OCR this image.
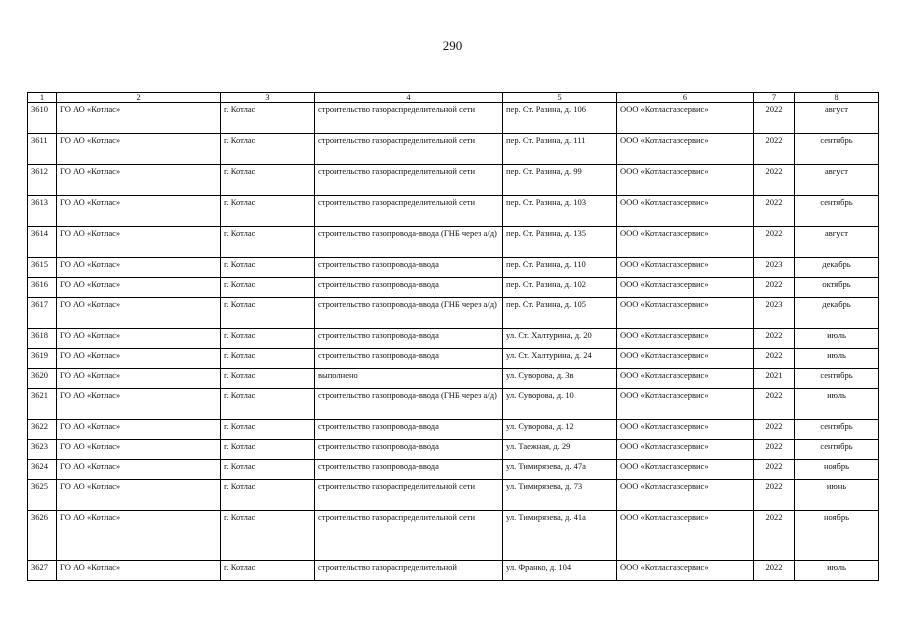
290
1	2	3	4	5	6	7	8
3610	ГО АО «Котлас»	г. Котлас	строительство газораспределительной сети	пер. Ст. Разина, д. 106	ООО «Котласгазсервис»	2022	август
3611	ГО АО «Котлас»	г. Котлас	строительство газораспределительной сети	пер. Ст. Разина, д. 111	ООО «Котласгазсервис»	2022	сентябрь
3612	ГО АО «Котлас»	г. Котлас	строительство газораспределительной сети	пер. Ст. Разина, д. 99	ООО «Котласгазсервис»	2022	август
3613	ГО АО «Котлас»	г. Котлас	строительство газораспределительной сети	пер. Ст. Разина, д. 103	ООО «Котласгазсервис»	2022	сентябрь
3614	ГО АО «Котлас»	г. Котлас	строительство газопровода-ввода (ГНБ через а/д)	пер. Ст. Разина, д. 135	ООО «Котласгазсервис»	2022	август
3615	ГО АО «Котлас»	г. Котлас	строительство газопровода-ввода	пер. Ст. Разина, д. 110	ООО «Котласгазсервис»	2023	декабрь
3616	ГО АО «Котлас»	г. Котлас	строительство газопровода-ввода	пер. Ст. Разина, д. 102	ООО «Котласгазсервис»	2022	октябрь
3617	ГО АО «Котлас»	г. Котлас	строительство газопровода-ввода (ГНБ через а/д)	пер. Ст. Разина, д. 105	ООО «Котласгазсервис»	2023	декабрь
3618	ГО АО «Котлас»	г. Котлас	строительство газопровода-ввода	ул. Ст. Халтурина, д. 20	ООО «Котласгазсервис»	2022	июль
3619	ГО АО «Котлас»	г. Котлас	строительство газопровода-ввода	ул. Ст. Халтурина, д. 24	ООО «Котласгазсервис»	2022	июль
3620	ГО АО «Котлас»	г. Котлас	выполнено	ул. Суворова, д. 3в	ООО «Котласгазсервис»	2021	сентябрь
3621	ГО АО «Котлас»	г. Котлас	строительство газопровода-ввода (ГНБ через а/д)	ул. Суворова, д. 10	ООО «Котласгазсервис»	2022	июль
3622	ГО АО «Котлас»	г. Котлас	строительство газопровода-ввода	ул. Суворова, д. 12	ООО «Котласгазсервис»	2022	сентябрь
3623	ГО АО «Котлас»	г. Котлас	строительство газопровода-ввода	ул. Таежная, д. 29	ООО «Котласгазсервис»	2022	сентябрь
3624	ГО АО «Котлас»	г. Котлас	строительство газопровода-ввода	ул. Тимирязева, д. 47а	ООО «Котласгазсервис»	2022	ноябрь
3625	ГО АО «Котлас»	г. Котлас	строительство газораспределительной сети	ул. Тимирязева, д. 73	ООО «Котласгазсервис»	2022	июнь
3626	ГО АО «Котлас»	г. Котлас	строительство газораспределительной сети	ул. Тимирязева, д. 41а	ООО «Котласгазсервис»	2022	ноябрь
3627	ГО АО «Котлас»	г. Котлас	строительство газораспределительной	ул. Франко, д. 104	ООО «Котласгазсервис»	2022	июль
